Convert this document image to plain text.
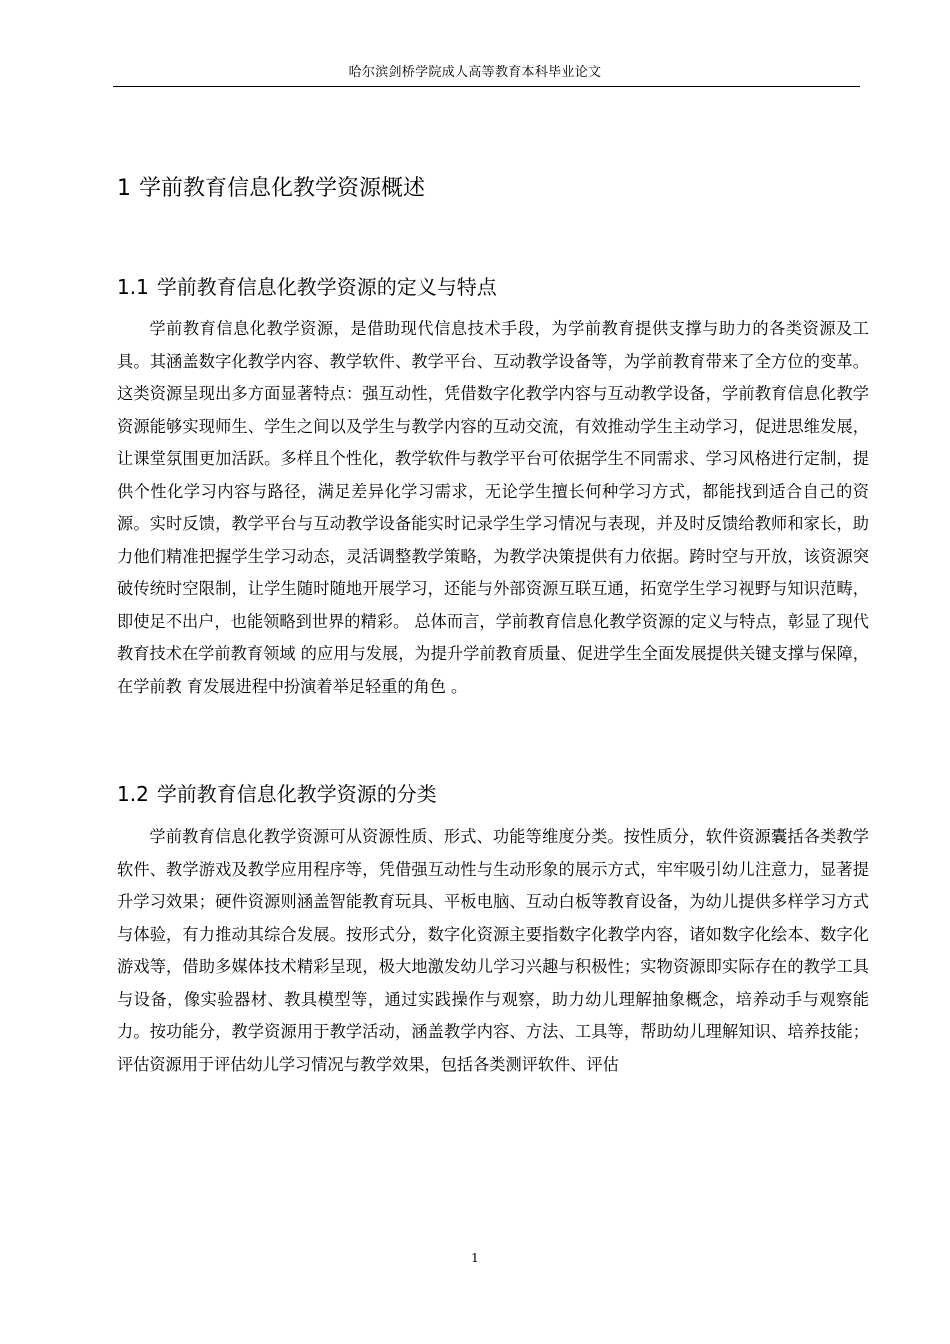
哈尔滨剑桥学院成人高等教育本科毕业论文
1 学前教育信息化教学资源概述
1.1 学前教育信息化教学资源的定义与特点

学前教育信息化教学资源，是借助现代信息技术手段，为学前教育提供支撑与助力的各类资源及工具。其涵盖数字化教学内容、教学软件、教学平台、互动教学设备等，为学前教育带来了全方位的变革。这类资源呈现出多方面显著特点：强互动性，凭借数字化教学内容与互动教学设备，学前教育信息化教学资源能够实现师生、学生之间以及学生与教学内容的互动交流，有效推动学生主动学习，促进思维发展，让课堂氛围更加活跃。多样且个性化，教学软件与教学平台可依据学生不同需求、学习风格进行定制，提供个性化学习内容与路径，满足差异化学习需求，无论学生擅长何种学习方式，都能找到适合自己的资源。实时反馈，教学平台与互动教学设备能实时记录学生学习情况与表现，并及时反馈给教师和家长，助力他们精准把握学生学习动态，灵活调整教学策略，为教学决策提供有力依据。跨时空与开放，该资源突破传统时空限制，让学生随时随地开展学习，还能与外部资源互联互通，拓宽学生学习视野与知识范畴，即使足不出户，也能领略到世界的精彩。 总体而言，学前教育信息化教学资源的定义与特点，彰显了现代教育技术在学前教育领域 的应用与发展，为提升学前教育质量、促进学生全面发展提供关键支撑与保障，在学前教 育发展进程中扮演着举足轻重的角色 。

1.2 学前教育信息化教学资源的分类

学前教育信息化教学资源可从资源性质、形式、功能等维度分类。按性质分，软件资源囊括各类教学软件、教学游戏及教学应用程序等，凭借强互动性与生动形象的展示方式，牢牢吸引幼儿注意力，显著提升学习效果；硬件资源则涵盖智能教育玩具、平板电脑、互动白板等教育设备，为幼儿提供多样学习方式与体验，有力推动其综合发展。按形式分，数字化资源主要指数字化教学内容，诸如数字化绘本、数字化游戏等，借助多媒体技术精彩呈现，极大地激发幼儿学习兴趣与积极性；实物资源即实际存在的教学工具与设备，像实验器材、教具模型等，通过实践操作与观察，助力幼儿理解抽象概念，培养动手与观察能力。按功能分，教学资源用于教学活动，涵盖教学内容、方法、工具等，帮助幼儿理解知识、培养技能；评估资源用于评估幼儿学习情况与教学效果，包括各类测评软件、评估

1
